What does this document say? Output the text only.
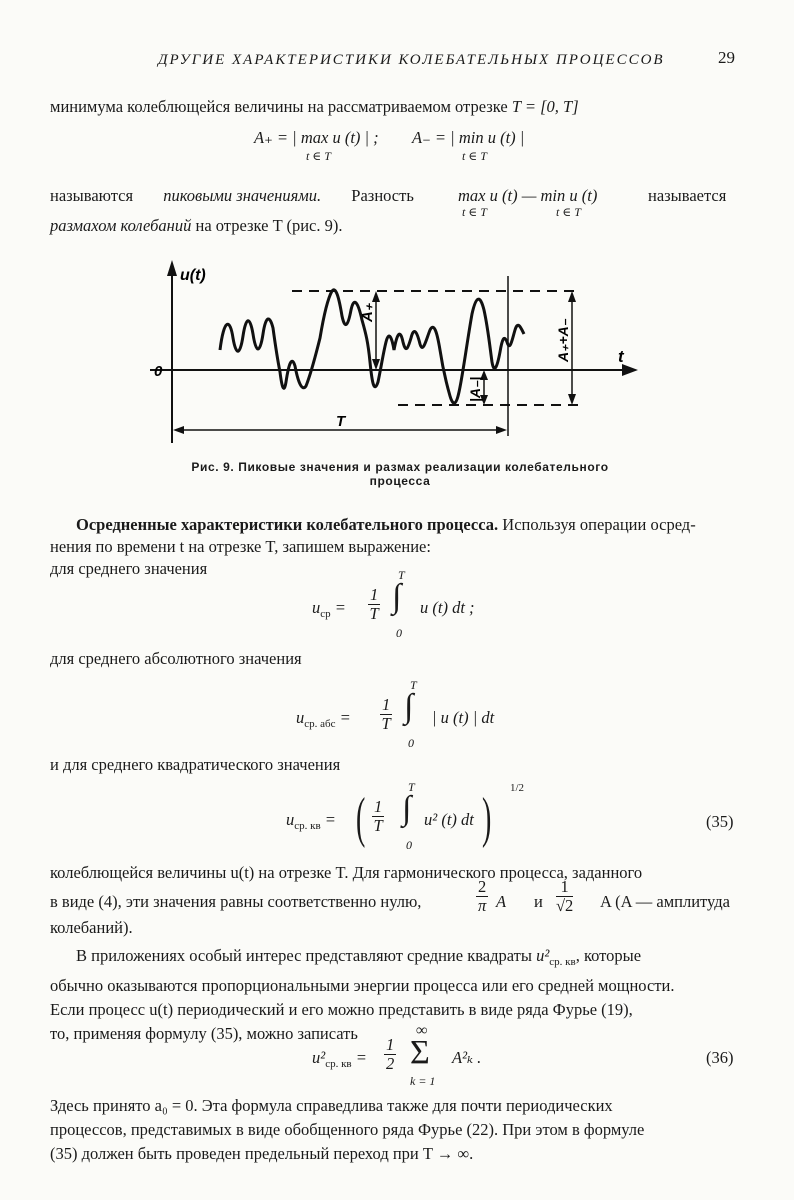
ДРУГИЕ ХАРАКТЕРИСТИКИ КОЛЕБАТЕЛЬНЫХ ПРОЦЕССОВ	29
минимума колеблющейся величины на рассматриваемом отрезке T = [0, T]
A₊ = | max u (t) | ;
t ∈ T
A₋ = | min u (t) |
t ∈ T
называются пиковыми значениями. Разность	max u (t) — min u (t)
t ∈ T	t ∈ T
называется
размахом колебаний на отрезке T (рис. 9).
u(t)
t
0
T
A₊
|A₋|
A₊+A₋
Рис. 9. Пиковые значения и размах реализации колебательного
процесса
Осредненные характеристики колебательного процесса. Используя операции осред-
нения по времени t на отрезке T, запишем выражение:
для среднего значения
$u_{ср} = \frac{1}{T}$
T
∫
0
u (t) dt ;
для среднего абсолютного значения
$u_{ср. абс} = \frac{1}{T}$
T
∫
0
| u (t) | dt
и для среднего квадратического значения
$u_{ср. кв}$ = ( $\frac{1}{T}$
T
∫
0
u² (t) dt ) 1/2
(35)
колеблющейся величины u(t) на отрезке T. Для гармонического процесса, заданного
в виде (4), эти значения равны соответственно нулю,	$\frac{2}{\pi}$ A и $\frac{1}{√2}$ A (A — амплитуда
колебаний).
В приложениях особый интерес представляют средние квадраты $u^2_{ср. кв}$, которые
обычно оказываются пропорциональными энергии процесса или его средней мощности.
Если процесс u(t) периодический и его можно представить в виде ряда Фурье (19),
то, применяя формулу (35), можно записать
$u^2_{ср. кв} = \frac{1}{2}$
∞
Σ
k = 1
A²ₖ .	(36)
Здесь принято a₀ = 0. Эта формула справедлива также для почти периодических
процессов, представимых в виде обобщенного ряда Фурье (22). При этом в формуле
(35) должен быть проведен предельный переход при T → ∞.
